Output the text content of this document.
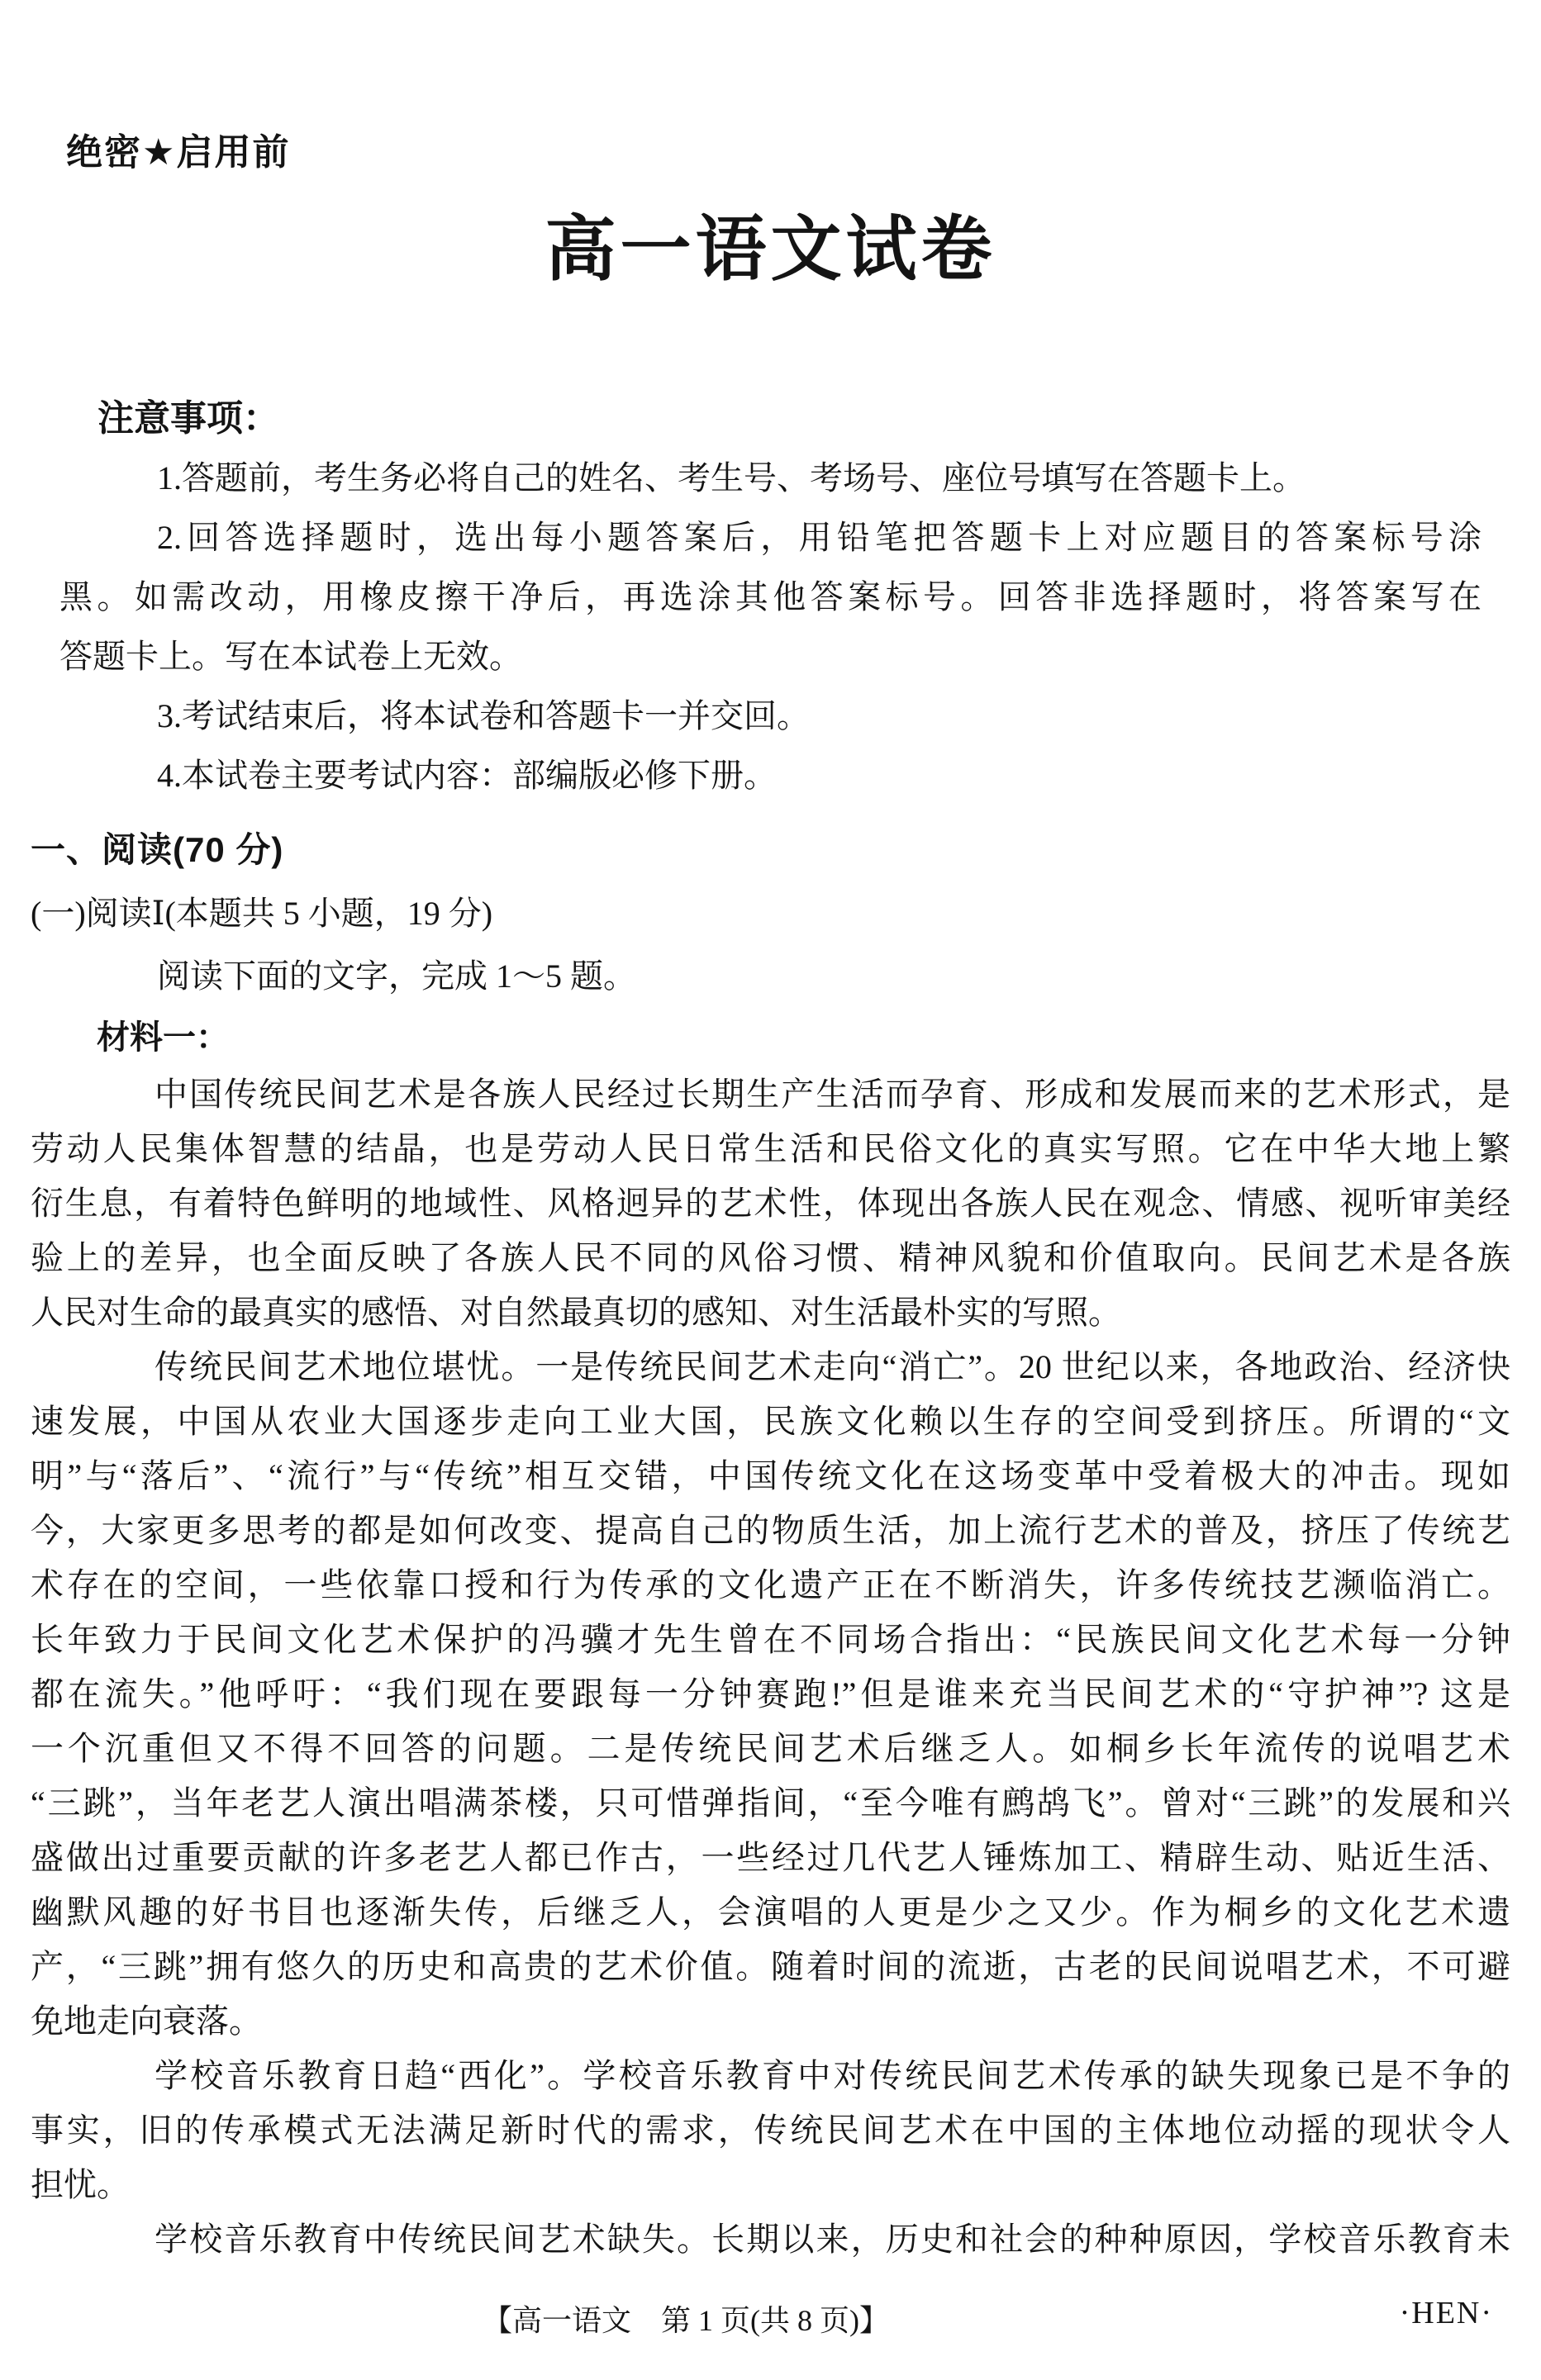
绝密★启用前
高一语文试卷
注意事项：
1.答题前，考生务必将自己的姓名、考生号、考场号、座位号填写在答题卡上。
2.回答选择题时，选出每小题答案后，用铅笔把答题卡上对应题目的答案标号涂
黑。如需改动，用橡皮擦干净后，再选涂其他答案标号。回答非选择题时，将答案写在
答题卡上。写在本试卷上无效。
3.考试结束后，将本试卷和答题卡一并交回。
4.本试卷主要考试内容：部编版必修下册。
一、阅读(70 分)
(一)阅读Ⅰ(本题共 5 小题，19 分)
阅读下面的文字，完成 1～5 题。
材料一：
中国传统民间艺术是各族人民经过长期生产生活而孕育、形成和发展而来的艺术形式，是
劳动人民集体智慧的结晶，也是劳动人民日常生活和民俗文化的真实写照。它在中华大地上繁
衍生息，有着特色鲜明的地域性、风格迥异的艺术性，体现出各族人民在观念、情感、视听审美经
验上的差异，也全面反映了各族人民不同的风俗习惯、精神风貌和价值取向。民间艺术是各族
人民对生命的最真实的感悟、对自然最真切的感知、对生活最朴实的写照。
传统民间艺术地位堪忧。一是传统民间艺术走向“消亡”。20 世纪以来，各地政治、经济快
速发展，中国从农业大国逐步走向工业大国，民族文化赖以生存的空间受到挤压。所谓的“文
明”与“落后”、“流行”与“传统”相互交错，中国传统文化在这场变革中受着极大的冲击。现如
今，大家更多思考的都是如何改变、提高自己的物质生活，加上流行艺术的普及，挤压了传统艺
术存在的空间，一些依靠口授和行为传承的文化遗产正在不断消失，许多传统技艺濒临消亡。
长年致力于民间文化艺术保护的冯骥才先生曾在不同场合指出：“民族民间文化艺术每一分钟
都在流失。”他呼吁：“我们现在要跟每一分钟赛跑!”但是谁来充当民间艺术的“守护神”? 这是
一个沉重但又不得不回答的问题。二是传统民间艺术后继乏人。如桐乡长年流传的说唱艺术
“三跳”，当年老艺人演出唱满茶楼，只可惜弹指间，“至今唯有鹧鸪飞”。曾对“三跳”的发展和兴
盛做出过重要贡献的许多老艺人都已作古，一些经过几代艺人锤炼加工、精辟生动、贴近生活、
幽默风趣的好书目也逐渐失传，后继乏人，会演唱的人更是少之又少。作为桐乡的文化艺术遗
产，“三跳”拥有悠久的历史和高贵的艺术价值。随着时间的流逝，古老的民间说唱艺术，不可避
免地走向衰落。
学校音乐教育日趋“西化”。学校音乐教育中对传统民间艺术传承的缺失现象已是不争的
事实，旧的传承模式无法满足新时代的需求，传统民间艺术在中国的主体地位动摇的现状令人
担忧。
学校音乐教育中传统民间艺术缺失。长期以来，历史和社会的种种原因，学校音乐教育未
【高一语文　第 1 页(共 8 页)】	·HEN·
